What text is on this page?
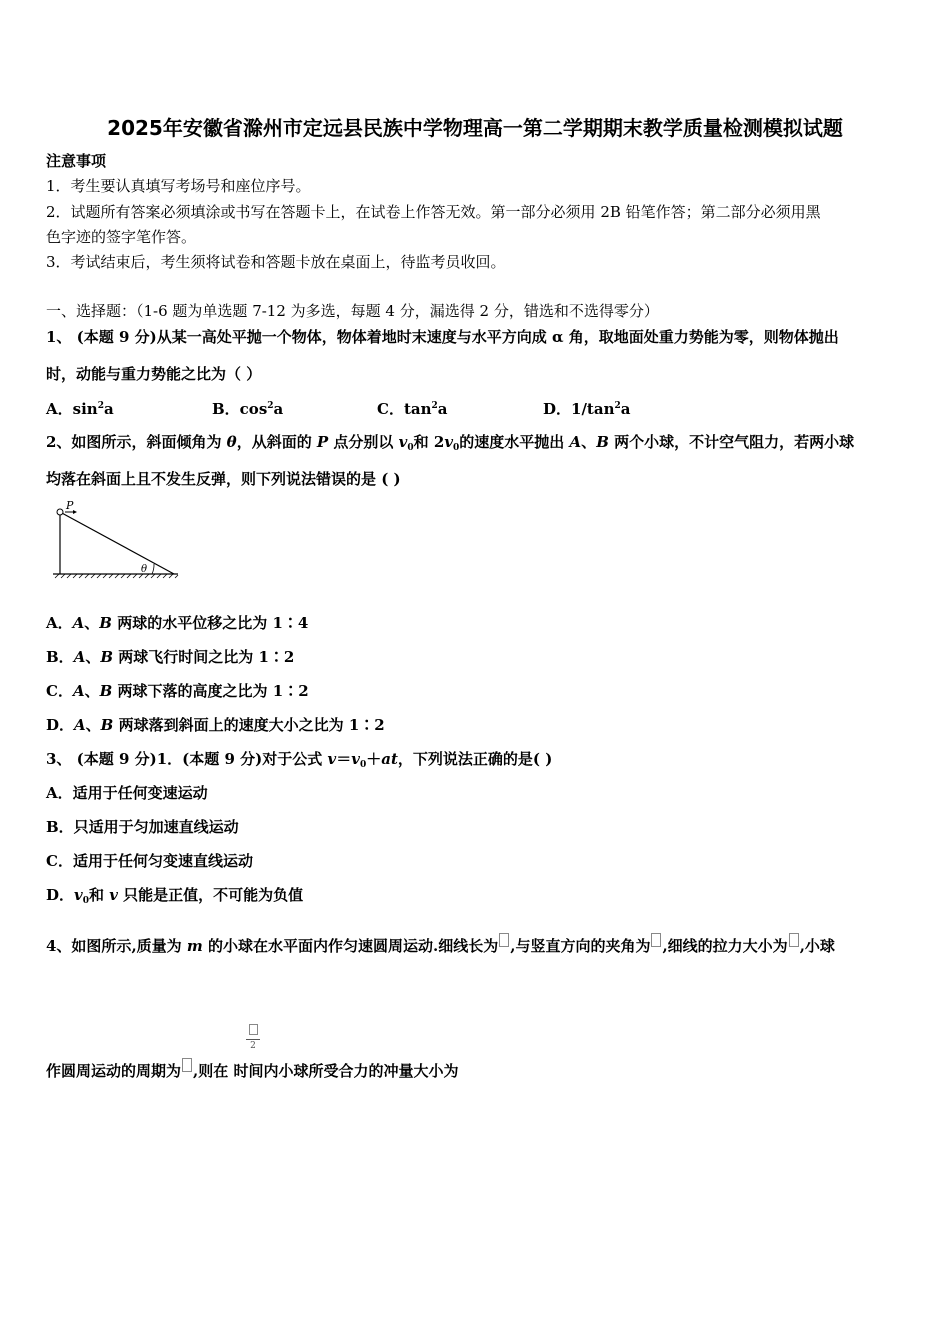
2025年安徽省滁州市定远县民族中学物理高一第二学期期末教学质量检测模拟试题
注意事项
1．考生要认真填写考场号和座位序号。
2．试题所有答案必须填涂或书写在答题卡上，在试卷上作答无效。第一部分必须用 2B 铅笔作答；第二部分必须用黑
色字迹的签字笔作答。
3．考试结束后，考生须将试卷和答题卡放在桌面上，待监考员收回。
一、选择题：（1-6 题为单选题 7-12 为多选，每题 4 分，漏选得 2 分，错选和不选得零分）
1、 (本题 9 分)从某一高处平抛一个物体，物体着地时末速度与水平方向成 α 角，取地面处重力势能为零，则物体抛出
时，动能与重力势能之比为（ ）
A．$\sin^2a$	B．$\cos^2a$	C．$\tan^2a$	D．$1/\tan^2a$
2、如图所示，斜面倾角为 θ，从斜面的 P 点分别以 $v_0$和 $2v_0$的速度水平抛出 A、B 两个小球，不计空气阻力，若两小球
均落在斜面上且不发生反弹，则下列说法错误的是 ( )
P
θ
A．A、B 两球的水平位移之比为 1∶4
B．A、B 两球飞行时间之比为 1∶2
C．A、B 两球下落的高度之比为 1∶2
D．A、B 两球落到斜面上的速度大小之比为 1∶2
3、 (本题 9 分)1．(本题 9 分)对于公式 $v=v_0+at$，下列说法正确的是( )
A．适用于任何变速运动
B．只适用于匀加速直线运动
C．适用于任何匀变速直线运动
D．$v_0$和 v 只能是正值，不可能为负值
4、如图所示,质量为 m 的小球在水平面内作匀速圆周运动.细线长为 ,与竖直方向的夹角为 ,细线的拉力大小为 ,小球
2
作圆周运动的周期为 ,则在 时间内小球所受合力的冲量大小为
